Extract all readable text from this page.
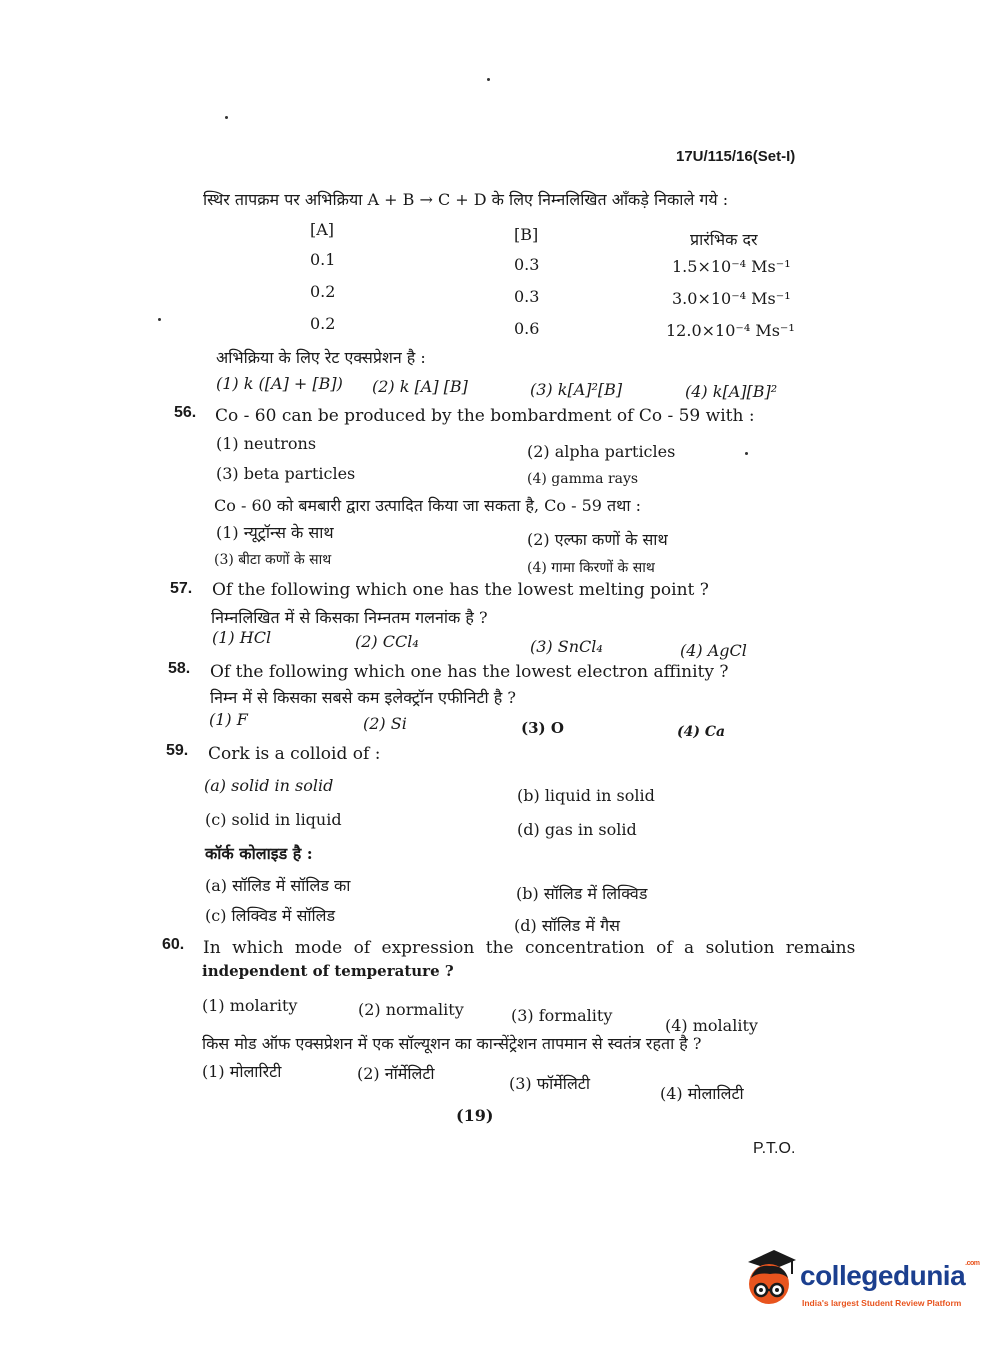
17U/115/16(Set-I)
स्थिर तापक्रम पर अभिक्रिया A + B → C + D के लिए निम्नलिखित आँकड़े निकाले गये :
[A]	[B]	प्रारंभिक दर
0.1	0.3	1.5×10⁻⁴ Ms⁻¹
0.2	0.3	3.0×10⁻⁴ Ms⁻¹
0.2	0.6	12.0×10⁻⁴ Ms⁻¹
अभिक्रिया के लिए रेट एक्सप्रेशन है :
(1) k ([A] + [B]) (2) k [A] [B]	(3) k[A]²[B]	(4) k[A][B]²
56. Co - 60 can be produced by the bombardment of Co - 59 with :
(1) neutrons	(2) alpha particles
(3) beta particles	(4) gamma rays
Co - 60 को बमबारी द्वारा उत्पादित किया जा सकता है, Co - 59 तथा :
(1) न्यूट्रॉन्स के साथ	(2) एल्फा कणों के साथ
(3) बीटा कणों के साथ	(4) गामा किरणों के साथ
57. Of the following which one has the lowest melting point ?
निम्नलिखित में से किसका निम्नतम गलनांक है ?
(1) HCl	(2) CCl₄	(3) SnCl₄	(4) AgCl
58. Of the following which one has the lowest electron affinity ?
निम्न में से किसका सबसे कम इलेक्ट्रॉन एफीनिटी है ?
(1) F	(2) Si	(3) O	(4) Ca
59. Cork is a colloid of :
(a) solid in solid
(b) liquid in solid
(c) solid in liquid
(d) gas in solid
कॉर्क कोलाइड है :
(a) सॉलिड में सॉलिड का	(b) सॉलिड में लिक्विड
(c) लिक्विड में सॉलिड
(d) सॉलिड में गैस
60. In which mode of expression the concentration of a solution remains
independent of temperature ?
(1) molarity	(2) normality	(3) formality
(4) molality
किस मोड ऑफ एक्सप्रेशन में एक सॉल्यूशन का कान्सेंट्रेशन तापमान से स्वतंत्र रहता है ?
(1) मोलारिटी	(2) नॉर्मेलिटी
(3) फॉर्मेलिटी
(4) मोलालिटी
(19)
P.T.O.
collegedunia$^{.com}$
India's largest Student Review Platform
